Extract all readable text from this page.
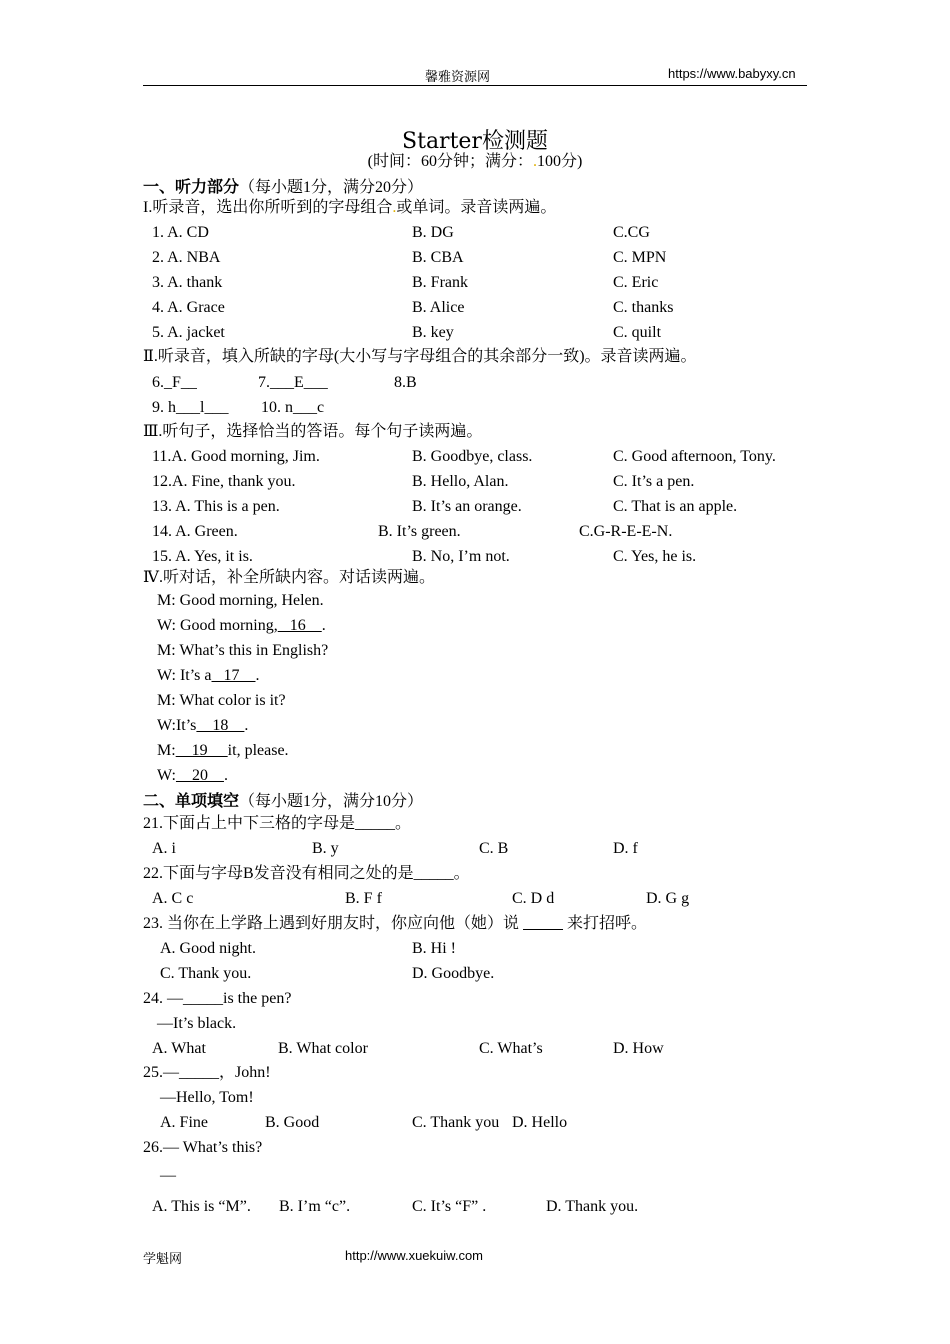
馨雅资源网	https://www.babyxy.cn
Starter检测题
(时间：60分钟；满分：.100分)
一、听力部分（每小题1分，满分20分）
I.听录音，选出你所听到的字母组合.或单词。录音读两遍。
1. A. CD	B. DG	C.CG
2. A. NBA	B. CBA	C. MPN
3. A. thank	B. Frank	C. Eric
4. A. Grace	B. Alice	C. thanks
5. A. jacket	B. key	C. quilt
Ⅱ.听录音，填入所缺的字母(大小写与字母组合的其余部分一致)。录音读两遍。
6._F__	7.___E___	8.B
9. h___l___ 10. n___c
Ⅲ.听句子，选择恰当的答语。每个句子读两遍。
11.A. Good morning, Jim.	B. Goodbye, class.	C. Good afternoon, Tony.
12.A. Fine, thank you.	B. Hello, Alan.	C. It’s a pen.
13. A. This is a pen.	B. It’s an orange.	C. That is an apple.
14. A. Green.	B. It’s green.	C.G-R-E-E-N.
15. A. Yes, it is.	B. No, I’m not.	C. Yes, he is.
Ⅳ.听对话，补全所缺内容。对话读两遍。
M: Good morning, Helen.
W: Good morning,   16    .
M: What’s this in English?
W: It’s a   17    .
M: What color is it?
W:It’s    18    .
M:    19     it, please.
W:    20    .
二、单项填空（每小题1分，满分10分）
21.下面占上中下三格的字母是_____。
A. i	B. y	C. B	D. f
22.下面与字母B发音没有相同之处的是_____。
A. C c	B. F f	C. D d	D. G g
23. 当你在上学路上遇到好朋友时，你应向他（她）说	来打招呼。
A. Good night.	B. Hi !
C. Thank you.	D. Goodbye.
24. —_____is the pen?
—It’s black.
A. What	B. What color	C. What’s	D. How
25.—_____，John!
—Hello, Tom!
A. Fine	B. Good	C. Thank you D. Hello
26.— What’s this?
—
A. This is “M”. B. I’m “c”.	C. It’s “F” .	D. Thank you.
学魁网	http://www.xuekuiw.com
